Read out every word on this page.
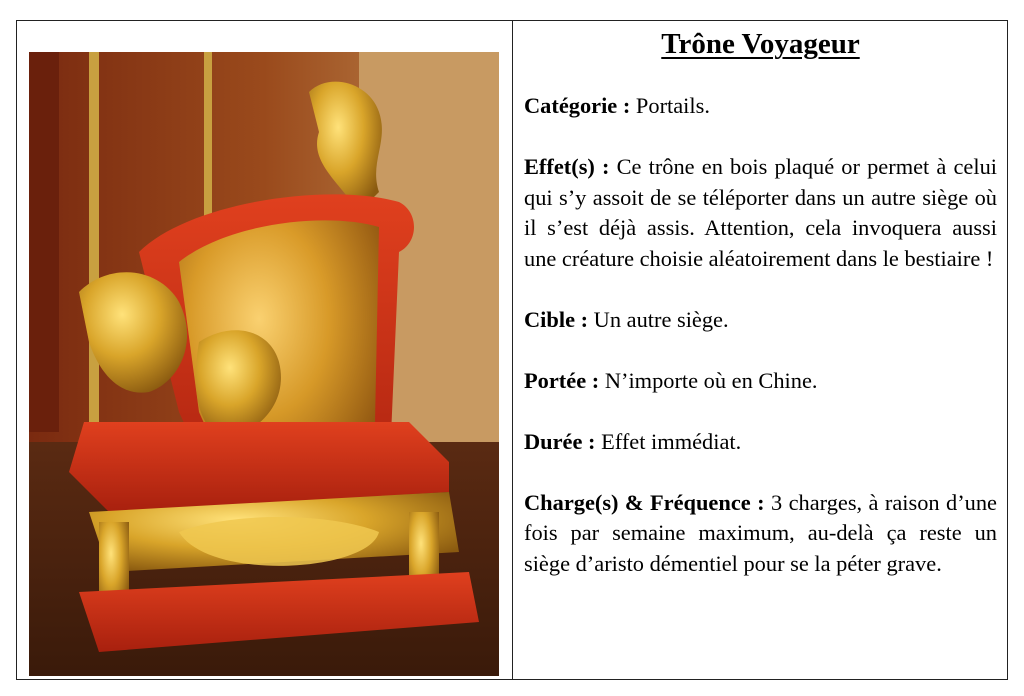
Trône Voyageur

Catégorie : Portails.

Effet(s) : Ce trône en bois plaqué or permet à celui qui s’y assoit de se téléporter dans un autre siège où il s’est déjà assis. Attention, cela invoquera aussi une créature choisie aléatoirement dans le bestiaire !

Cible : Un autre siège.

Portée : N’importe où en Chine.

Durée : Effet immédiat.

Charge(s) & Fréquence : 3 charges, à raison d’une fois par semaine maximum, au-delà ça reste un siège d’aristo démentiel pour se la péter grave.
